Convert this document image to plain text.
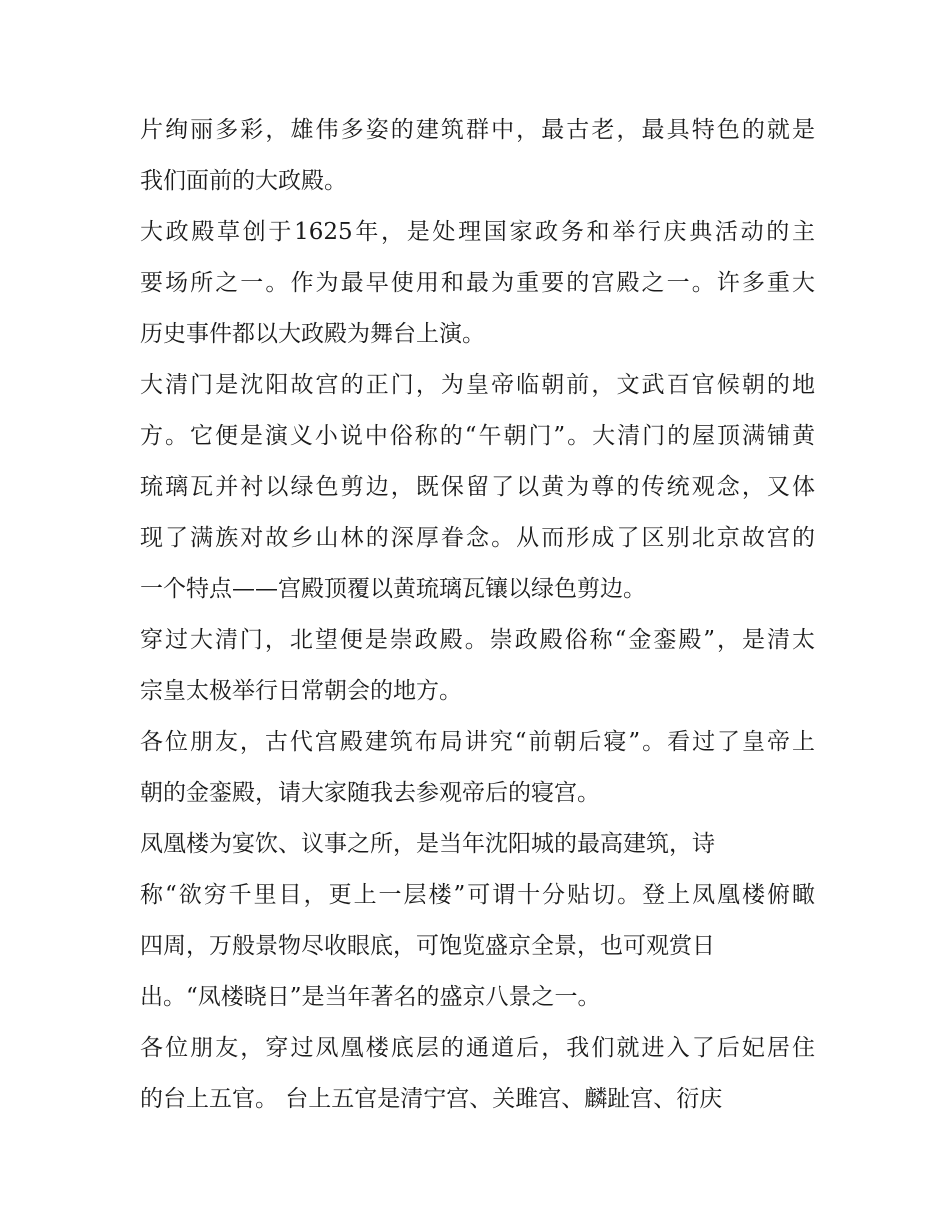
片绚丽多彩，雄伟多姿的建筑群中，最古老，最具特色的就是
我们面前的大政殿。
大政殿草创于1625年，是处理国家政务和举行庆典活动的主
要场所之一。作为最早使用和最为重要的宫殿之一。许多重大
历史事件都以大政殿为舞台上演。
大清门是沈阳故宫的正门，为皇帝临朝前，文武百官候朝的地
方。它便是演义小说中俗称的“午朝门”。大清门的屋顶满铺黄
琉璃瓦并衬以绿色剪边，既保留了以黄为尊的传统观念，又体
现了满族对故乡山林的深厚眷念。从而形成了区别北京故宫的
一个特点——宫殿顶覆以黄琉璃瓦镶以绿色剪边。
穿过大清门，北望便是崇政殿。崇政殿俗称“金銮殿”，是清太
宗皇太极举行日常朝会的地方。
各位朋友，古代宫殿建筑布局讲究“前朝后寝”。看过了皇帝上
朝的金銮殿，请大家随我去参观帝后的寝宫。
凤凰楼为宴饮、议事之所，是当年沈阳城的最高建筑，诗
称“欲穷千里目，更上一层楼”可谓十分贴切。登上凤凰楼俯瞰
四周，万般景物尽收眼底，可饱览盛京全景，也可观赏日
出。“凤楼晓日”是当年著名的盛京八景之一。
各位朋友，穿过凤凰楼底层的通道后，我们就进入了后妃居住
的台上五官。 台上五官是清宁宫、关雎宫、麟趾宫、衍庆
